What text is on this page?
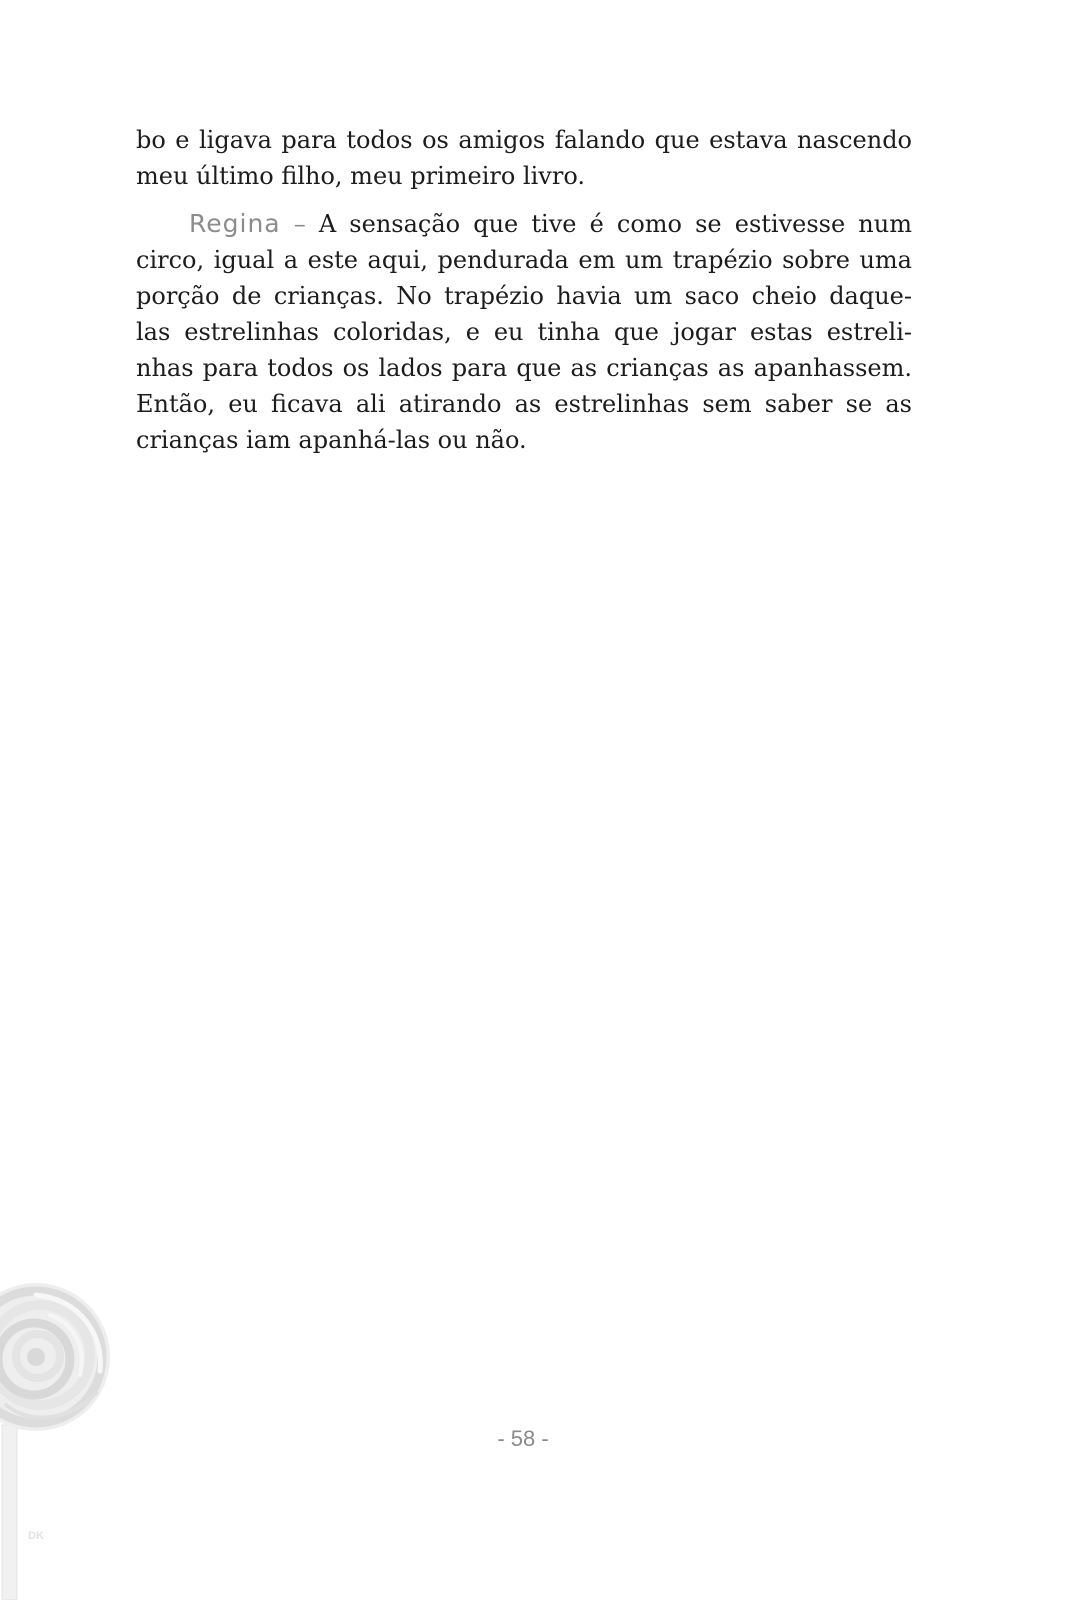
bo e ligava para todos os amigos falando que estava nascendo
meu último filho, meu primeiro livro.
Regina – A sensação que tive é como se estivesse num
circo, igual a este aqui, pendurada em um trapézio sobre uma
porção de crianças. No trapézio havia um saco cheio daque-
las estrelinhas coloridas, e eu tinha que jogar estas estreli-
nhas para todos os lados para que as crianças as apanhassem.
Então, eu ficava ali atirando as estrelinhas sem saber se as
crianças iam apanhá-las ou não.
DK
- 58 -
